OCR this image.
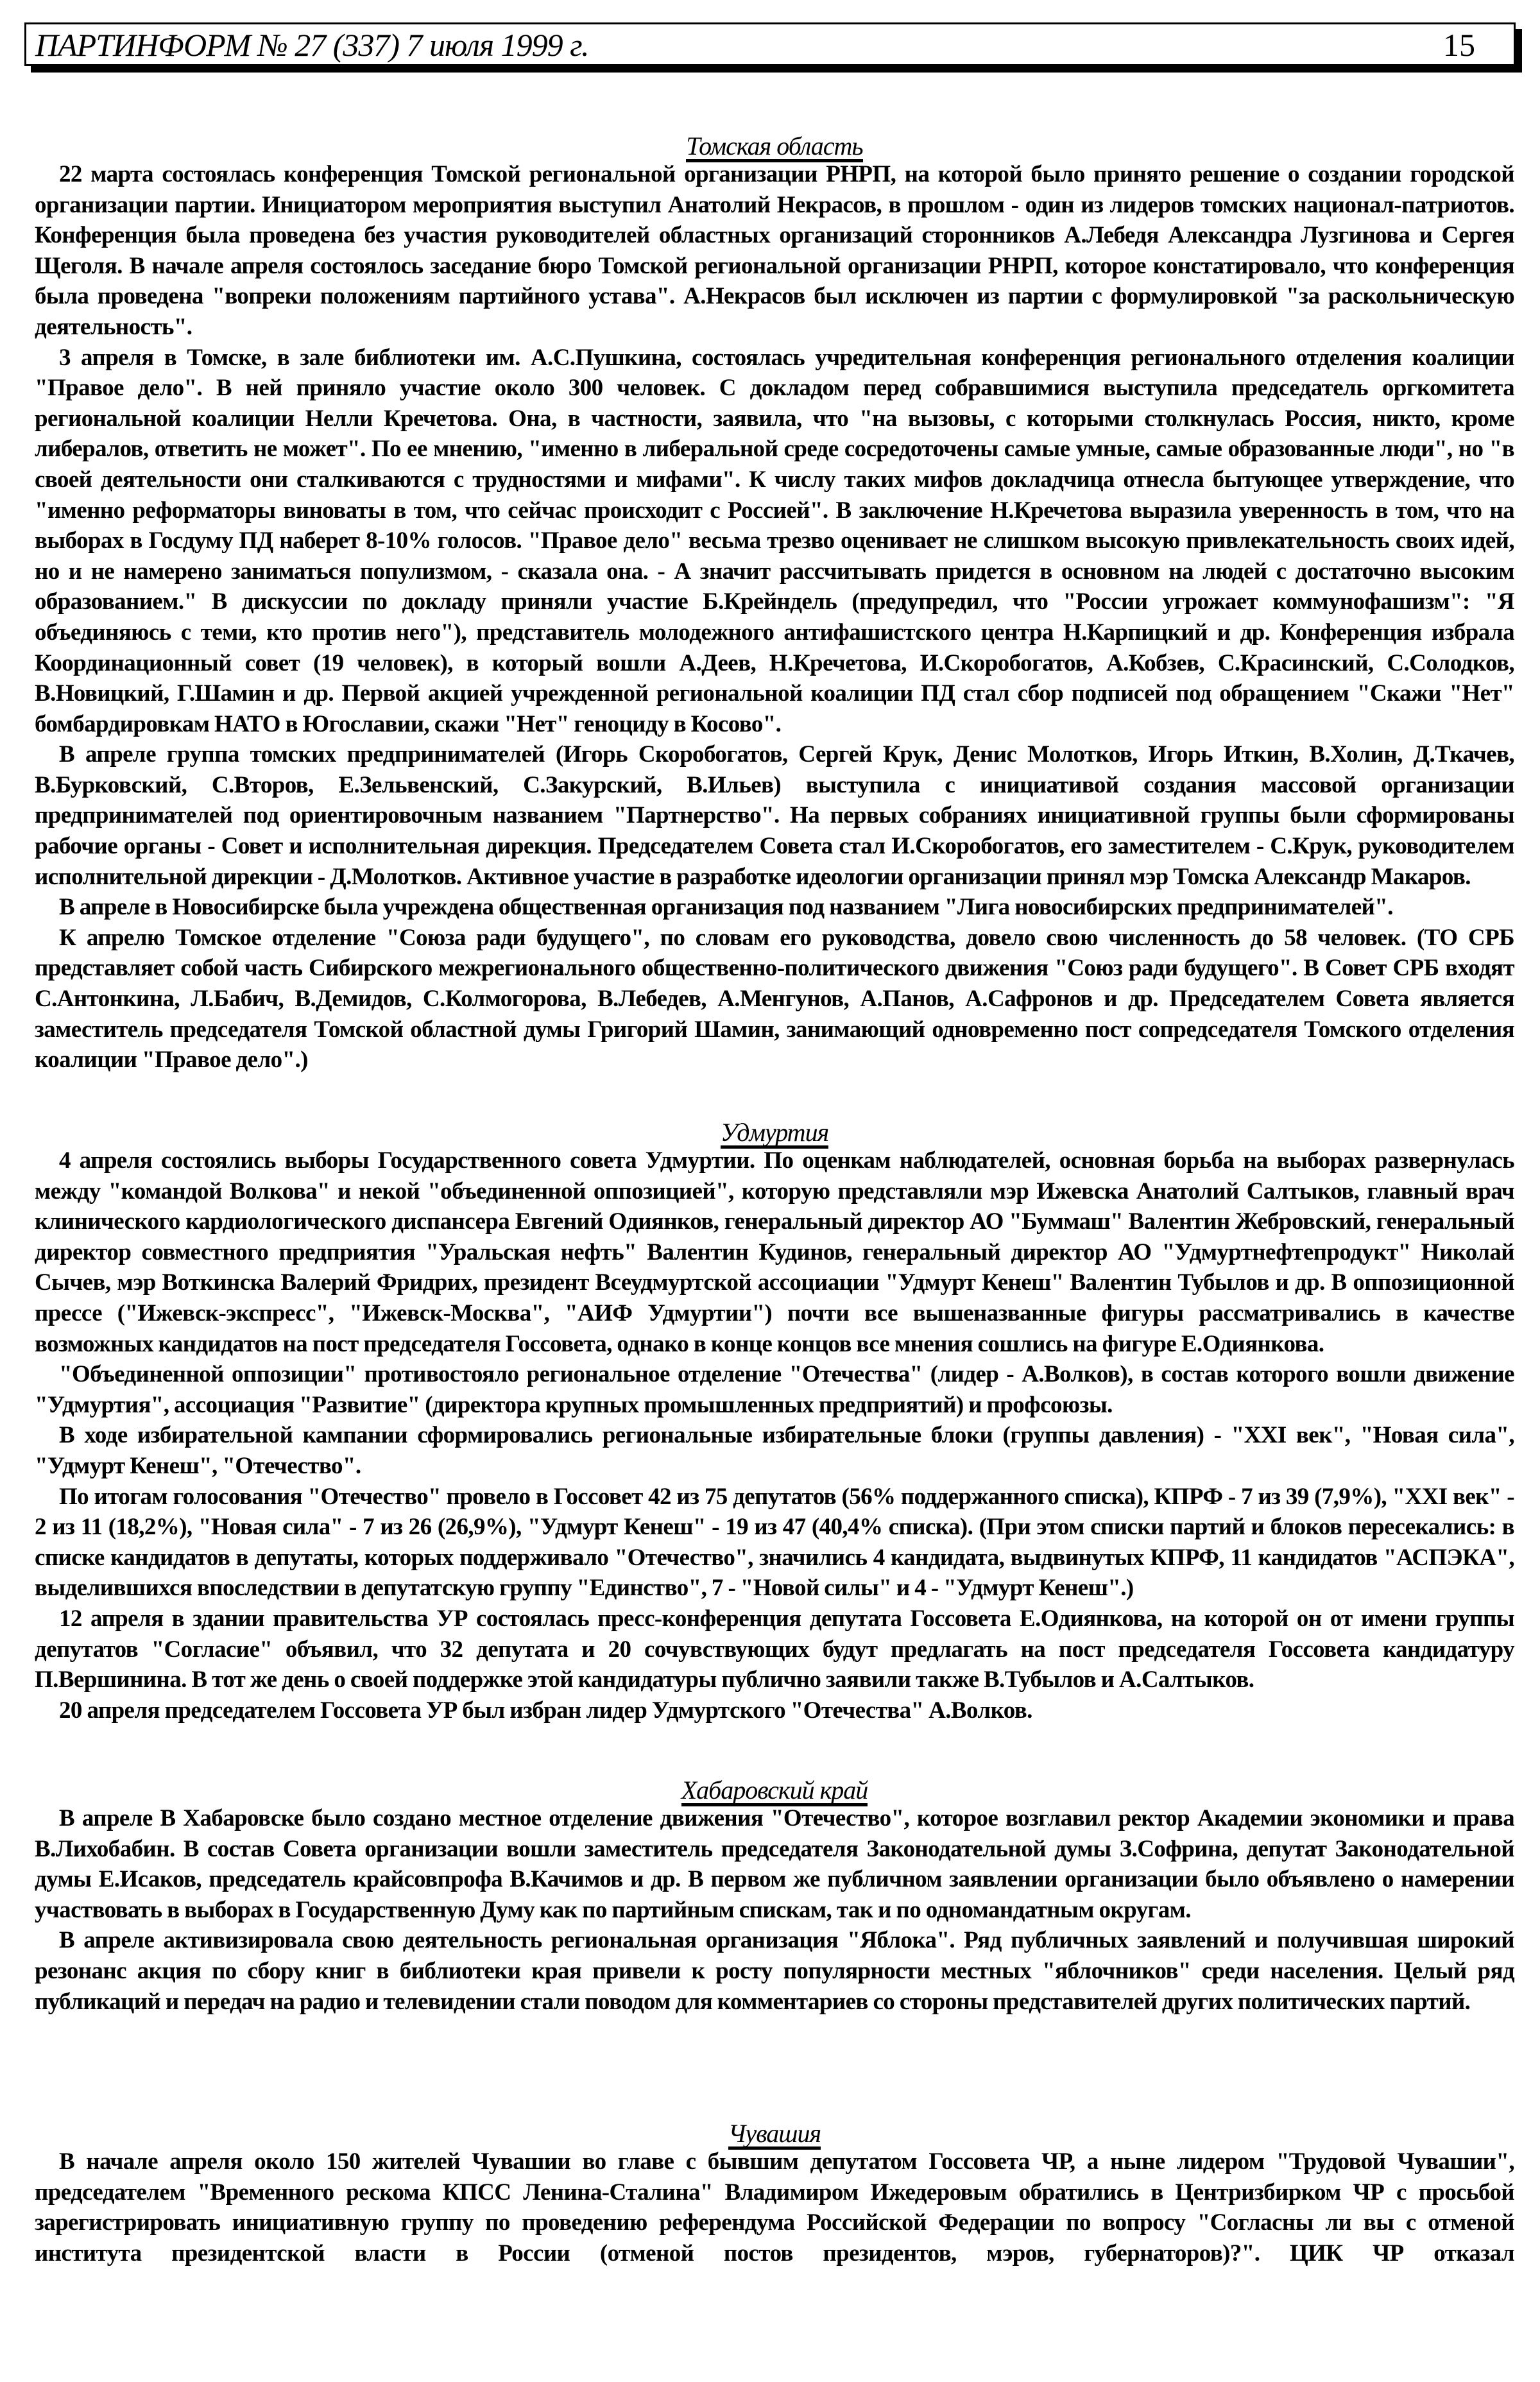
ПАРТИНФОРМ № 27 (337) 7 июля 1999 г.	15
Томская область

22 марта состоялась конференция Томской региональной организации РНРП, на которой было принято решение о создании городской организации партии. Инициатором мероприятия выступил Анатолий Некрасов, в прошлом - один из лидеров томских национал-патриотов. Конференция была проведена без участия руководителей областных организаций сторонников А.Лебедя Александра Лузгинова и Сергея Щеголя. В начале апреля состоялось заседание бюро Томской региональной организации РНРП, которое констатировало, что конференция была проведена "вопреки положениям партийного устава". А.Некрасов был исключен из партии с формулировкой "за раскольническую деятельность".

3 апреля в Томске, в зале библиотеки им. А.С.Пушкина, состоялась учредительная конференция регионального отделения коалиции "Правое дело". В ней приняло участие около 300 человек. С докладом перед собравшимися выступила председатель оргкомитета региональной коалиции Нелли Кречетова. Она, в частности, заявила, что "на вызовы, с которыми столкнулась Россия, никто, кроме либералов, ответить не может". По ее мнению, "именно в либеральной среде сосредоточены самые умные, самые образованные люди", но "в своей деятельности они сталкиваются с трудностями и мифами". К числу таких мифов докладчица отнесла бытующее утверждение, что "именно реформаторы виноваты в том, что сейчас происходит с Россией". В заключение Н.Кречетова выразила уверенность в том, что на выборах в Госдуму ПД наберет 8-10% голосов. "Правое дело" весьма трезво оценивает не слишком высокую привлекательность своих идей, но и не намерено заниматься популизмом, - сказала она. - А значит рассчитывать придется в основном на людей с достаточно высоким образованием." В дискуссии по докладу приняли участие Б.Крейндель (предупредил, что "России угрожает коммунофашизм": "Я объединяюсь с теми, кто против него"), представитель молодежного антифашистского центра Н.Карпицкий и др. Конференция избрала Координационный совет (19 человек), в который вошли А.Деев, Н.Кречетова, И.Скоробогатов, А.Кобзев, С.Красинский, С.Солодков, В.Новицкий, Г.Шамин и др. Первой акцией учрежденной региональной коалиции ПД стал сбор подписей под обращением "Скажи "Нет" бомбардировкам НАТО в Югославии, скажи "Нет" геноциду в Косово".

В апреле группа томских предпринимателей (Игорь Скоробогатов, Сергей Крук, Денис Молотков, Игорь Иткин, В.Холин, Д.Ткачев, В.Бурковский, С.Второв, Е.Зельвенский, С.Закурский, В.Ильев) выступила с инициативой создания массовой организации предпринимателей под ориентировочным названием "Партнерство". На первых собраниях инициативной группы были сформированы рабочие органы - Совет и исполнительная дирекция. Председателем Совета стал И.Скоробогатов, его заместителем - С.Крук, руководителем исполнительной дирекции - Д.Молотков. Активное участие в разработке идеологии организации принял мэр Томска Александр Макаров.

В апреле в Новосибирске была учреждена общественная организация под названием "Лига новосибирских предпринимателей".

К апрелю Томское отделение "Союза ради будущего", по словам его руководства, довело свою численность до 58 человек. (ТО СРБ представляет собой часть Сибирского межрегионального общественно-политического движения "Союз ради будущего". В Совет СРБ входят С.Антонкина, Л.Бабич, В.Демидов, С.Колмогорова, В.Лебедев, А.Менгунов, А.Панов, А.Сафронов и др. Председателем Совета является заместитель председателя Томской областной думы Григорий Шамин, занимающий одновременно пост сопредседателя Томского отделения коалиции "Правое дело".)

Удмуртия

4 апреля состоялись выборы Государственного совета Удмуртии. По оценкам наблюдателей, основная борьба на выборах развернулась между "командой Волкова" и некой "объединенной оппозицией", которую представляли мэр Ижевска Анатолий Салтыков, главный врач клинического кардиологического диспансера Евгений Одиянков, генеральный директор АО "Буммаш" Валентин Жебровский, генеральный директор совместного предприятия "Уральская нефть" Валентин Кудинов, генеральный директор АО "Удмуртнефтепродукт" Николай Сычев, мэр Воткинска Валерий Фридрих, президент Всеудмуртской ассоциации "Удмурт Кенеш" Валентин Тубылов и др. В оппозиционной прессе ("Ижевск-экспресс", "Ижевск-Москва", "АИФ Удмуртии") почти все вышеназванные фигуры рассматривались в качестве возможных кандидатов на пост председателя Госсовета, однако в конце концов все мнения сошлись на фигуре Е.Одиянкова.

"Объединенной оппозиции" противостояло региональное отделение "Отечества" (лидер - А.Волков), в состав которого вошли движение "Удмуртия", ассоциация "Развитие" (директора крупных промышленных предприятий) и профсоюзы.

В ходе избирательной кампании сформировались региональные избирательные блоки (группы давления) - "XXI век", "Новая сила", "Удмурт Кенеш", "Отечество".

По итогам голосования "Отечество" провело в Госсовет 42 из 75 депутатов (56% поддержанного списка), КПРФ - 7 из 39 (7,9%), "XXI век" - 2 из 11 (18,2%), "Новая сила" - 7 из 26 (26,9%), "Удмурт Кенеш" - 19 из 47 (40,4% списка). (При этом списки партий и блоков пересекались: в списке кандидатов в депутаты, которых поддерживало "Отечество", значились 4 кандидата, выдвинутых КПРФ, 11 кандидатов "АСПЭКА", выделившихся впоследствии в депутатскую группу "Единство", 7 - "Новой силы" и 4 - "Удмурт Кенеш".)

12 апреля в здании правительства УР состоялась пресс-конференция депутата Госсовета Е.Одиянкова, на которой он от имени группы депутатов "Согласие" объявил, что 32 депутата и 20 сочувствующих будут предлагать на пост председателя Госсовета кандидатуру П.Вершинина. В тот же день о своей поддержке этой кандидатуры публично заявили также В.Тубылов и А.Салтыков.

20 апреля председателем Госсовета УР был избран лидер Удмуртского "Отечества" А.Волков.

Хабаровский край

В апреле В Хабаровске было создано местное отделение движения "Отечество", которое возглавил ректор Академии экономики и права В.Лихобабин. В состав Совета организации вошли заместитель председателя Законодательной думы З.Софрина, депутат Законодательной думы Е.Исаков, председатель крайсовпрофа В.Качимов и др. В первом же публичном заявлении организации было объявлено о намерении участвовать в выборах в Государственную Думу как по партийным спискам, так и по одномандатным округам.

В апреле активизировала свою деятельность региональная организация "Яблока". Ряд публичных заявлений и получившая широкий резонанс акция по сбору книг в библиотеки края привели к росту популярности местных "яблочников" среди населения. Целый ряд публикаций и передач на радио и телевидении стали поводом для комментариев со стороны представителей других политических партий.

Чувашия

В начале апреля около 150 жителей Чувашии во главе с бывшим депутатом Госсовета ЧР, а ныне лидером "Трудовой Чувашии", председателем "Временного рескома КПСС Ленина-Сталина" Владимиром Ижедеровым обратились в Центризбирком ЧР с просьбой зарегистрировать инициативную группу по проведению референдума Российской Федерации по вопросу "Согласны ли вы с отменой института президентской власти в России (отменой постов президентов, мэров, губернаторов)?". ЦИК ЧР отказал
